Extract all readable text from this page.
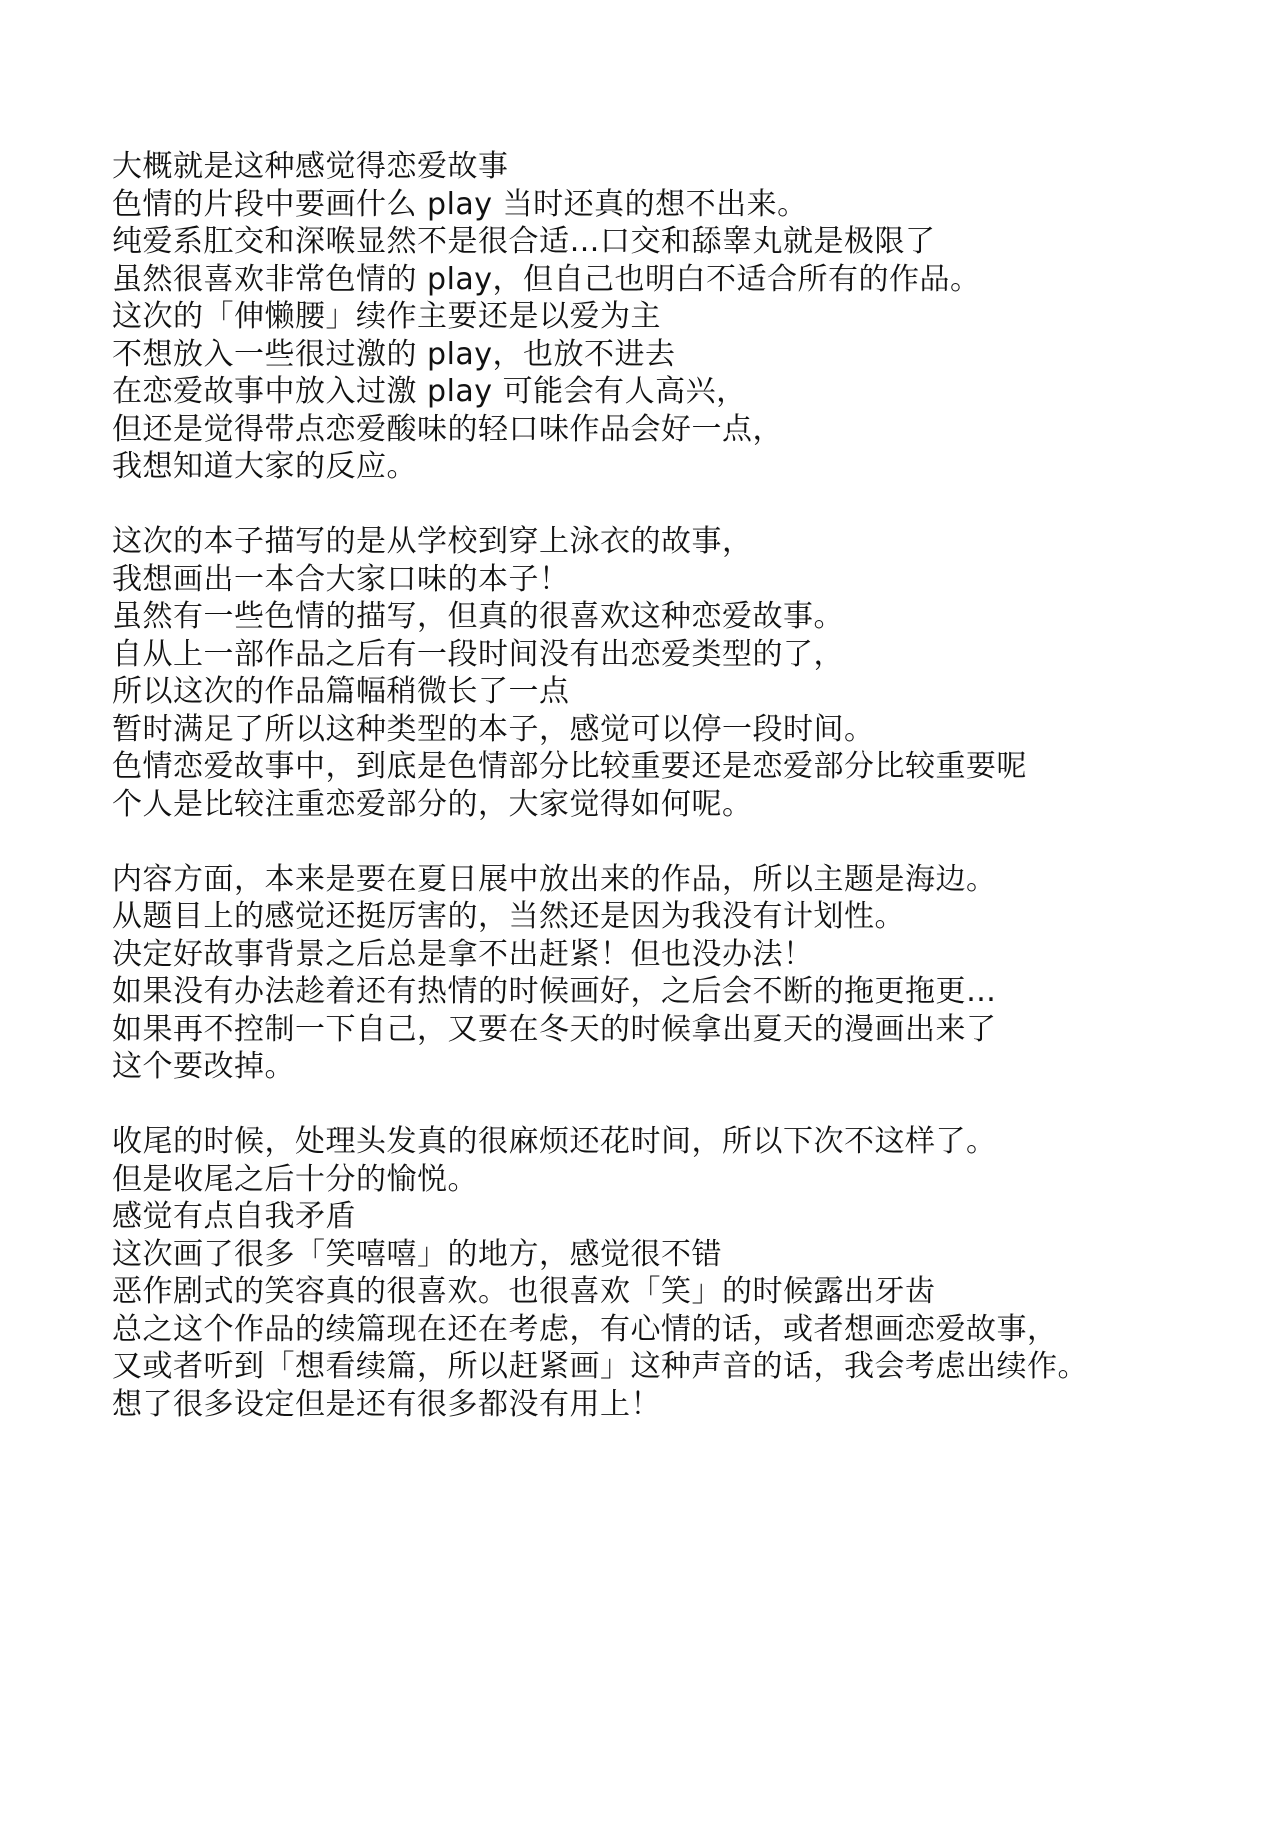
大概就是这种感觉得恋爱故事
色情的片段中要画什么 play 当时还真的想不出来。
纯爱系肛交和深喉显然不是很合适…口交和舔睾丸就是极限了
虽然很喜欢非常色情的 play，但自己也明白不适合所有的作品。
这次的「伸懒腰」续作主要还是以爱为主
不想放入一些很过激的 play，也放不进去
在恋爱故事中放入过激 play 可能会有人高兴，
但还是觉得带点恋爱酸味的轻口味作品会好一点，
我想知道大家的反应。
这次的本子描写的是从学校到穿上泳衣的故事，
我想画出一本合大家口味的本子！
虽然有一些色情的描写，但真的很喜欢这种恋爱故事。
自从上一部作品之后有一段时间没有出恋爱类型的了，
所以这次的作品篇幅稍微长了一点
暂时满足了所以这种类型的本子，感觉可以停一段时间。
色情恋爱故事中，到底是色情部分比较重要还是恋爱部分比较重要呢
个人是比较注重恋爱部分的，大家觉得如何呢。
内容方面，本来是要在夏日展中放出来的作品，所以主题是海边。
从题目上的感觉还挺厉害的，当然还是因为我没有计划性。
决定好故事背景之后总是拿不出赶紧！但也没办法！
如果没有办法趁着还有热情的时候画好，之后会不断的拖更拖更…
如果再不控制一下自己，又要在冬天的时候拿出夏天的漫画出来了
这个要改掉。
收尾的时候，处理头发真的很麻烦还花时间，所以下次不这样了。
但是收尾之后十分的愉悦。
感觉有点自我矛盾
这次画了很多「笑嘻嘻」的地方，感觉很不错
恶作剧式的笑容真的很喜欢。也很喜欢「笑」的时候露出牙齿
总之这个作品的续篇现在还在考虑，有心情的话，或者想画恋爱故事，
又或者听到「想看续篇，所以赶紧画」这种声音的话，我会考虑出续作。
想了很多设定但是还有很多都没有用上！
